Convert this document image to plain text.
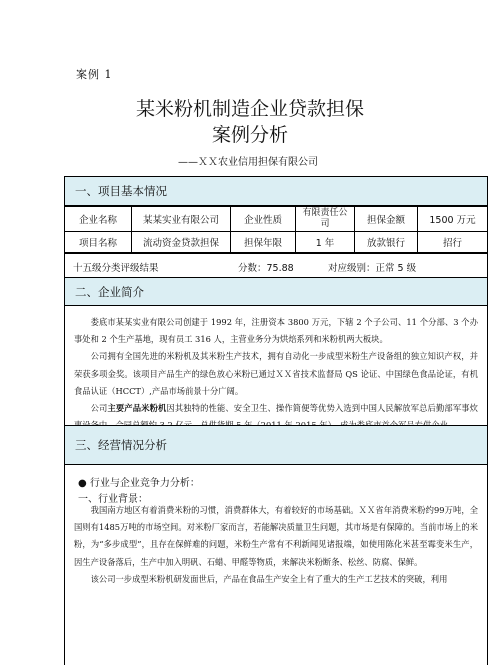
案例 1
某米粉机制造企业贷款担保
案例分析
——ＸＸ农业信用担保有限公司
一、项目基本情况
企业名称	某某实业有限公司	企业性质	有限责任公司	担保金额	1500 万元
项目名称	流动资金贷款担保	担保年限	1 年	放款银行	招行
十五级分类评级结果	分数：75.88	对应级别：正常 5 级
二、企业简介

娄底市某某实业有限公司创建于 1992 年，注册资本 3800 万元，下辖 2 个子公司、11 个分部、3 个办事处和 2 个生产基地，现有员工 316 人，主营业务分为烘焙系列和米粉机两大板块。

公司拥有全国先进的米粉机及其米粉生产技术，拥有自动化一步成型米粉生产设备组的独立知识产权，并荣获多项金奖。该项目产品生产的绿色放心米粉已通过ＸＸ省技术监督局 QS 论证、中国绿色食品论证，有机食品认证（HCCT）,产品市场前景十分广阔。

公司主要产品米粉机因其独特的性能、安全卫生、操作简便等优势入选到中国人民解放军总后勤部军事炊

三、经营情况分析
● 行业与企业竞争力分析：
一、行业背景：

我国南方地区有着消费米粉的习惯，消费群体大，有着较好的市场基础。ＸＸ省年消费米粉约99万吨，全国则有1485万吨的市场空间。对米粉厂家而言，若能解决质量卫生问题，其市场是有保障的。当前市场上的米粉，为“多步成型”，且存在保鲜难的问题，米粉生产常有不利新闻见诸报端，如使用陈化米甚至霉变米生产，因生产设备落后，生产中加入明矾、石蜡、甲醛等物质，来解决米粉断条、松丝、防腐、保鲜。

该公司一步成型米粉机研发面世后，产品在食品生产安全上有了重大的生产工艺技术的突破，利用
